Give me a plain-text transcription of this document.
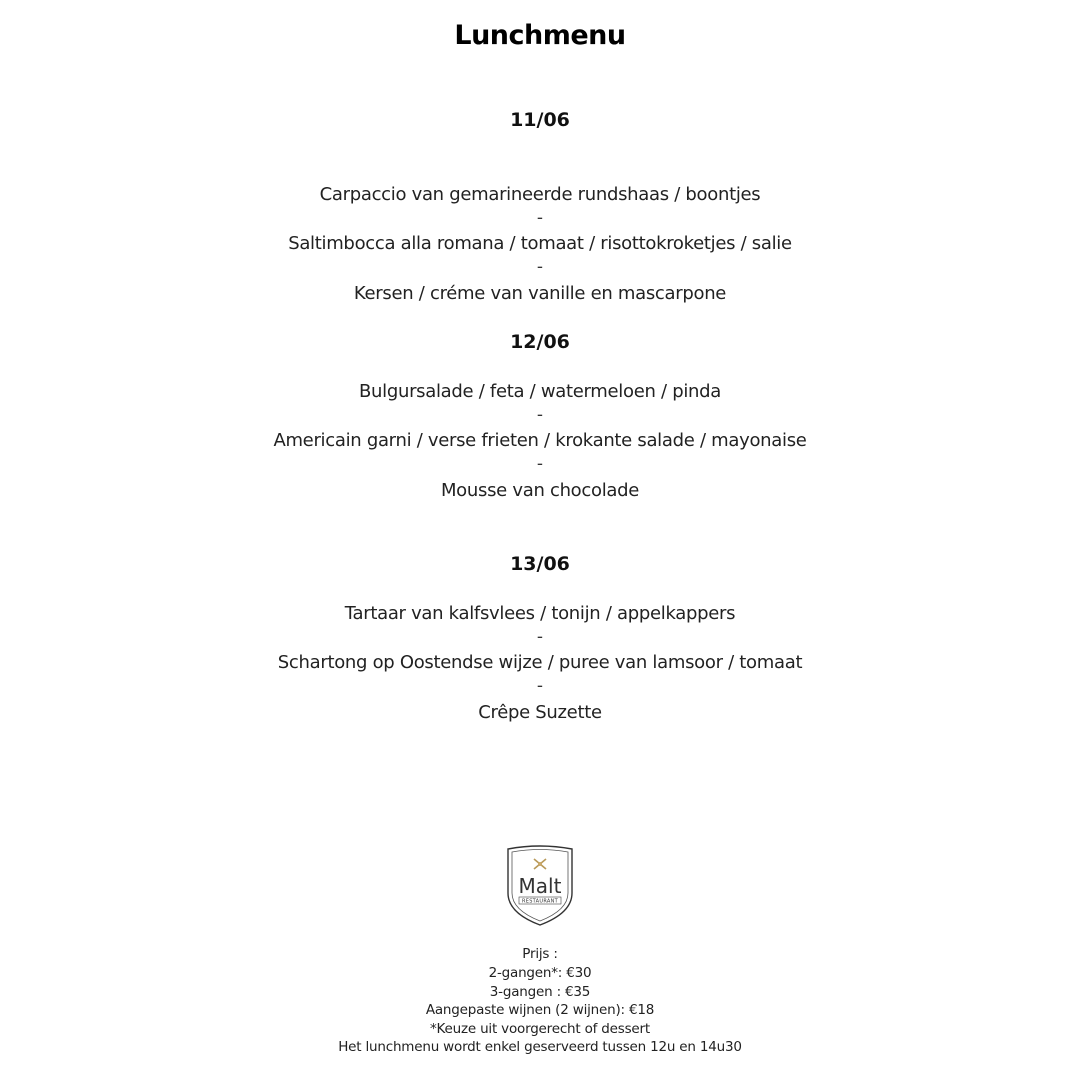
Lunchmenu
11/06
Carpaccio van gemarineerde rundshaas / boontjes
-
Saltimbocca alla romana / tomaat / risottokroketjes / salie
-
Kersen / créme van vanille en mascarpone
12/06
Bulgursalade / feta / watermeloen / pinda
-
Americain garni / verse frieten / krokante salade / mayonaise
-
Mousse van chocolade
13/06
Tartaar van kalfsvlees / tonijn / appelkappers
-
Schartong op Oostendse wijze / puree van lamsoor / tomaat
-
Crêpe Suzette
Malt
RESTAURANT
Prijs :
2-gangen*: €30
3-gangen : €35
Aangepaste wijnen (2 wijnen): €18
*Keuze uit voorgerecht of dessert
Het lunchmenu wordt enkel geserveerd tussen 12u en 14u30
